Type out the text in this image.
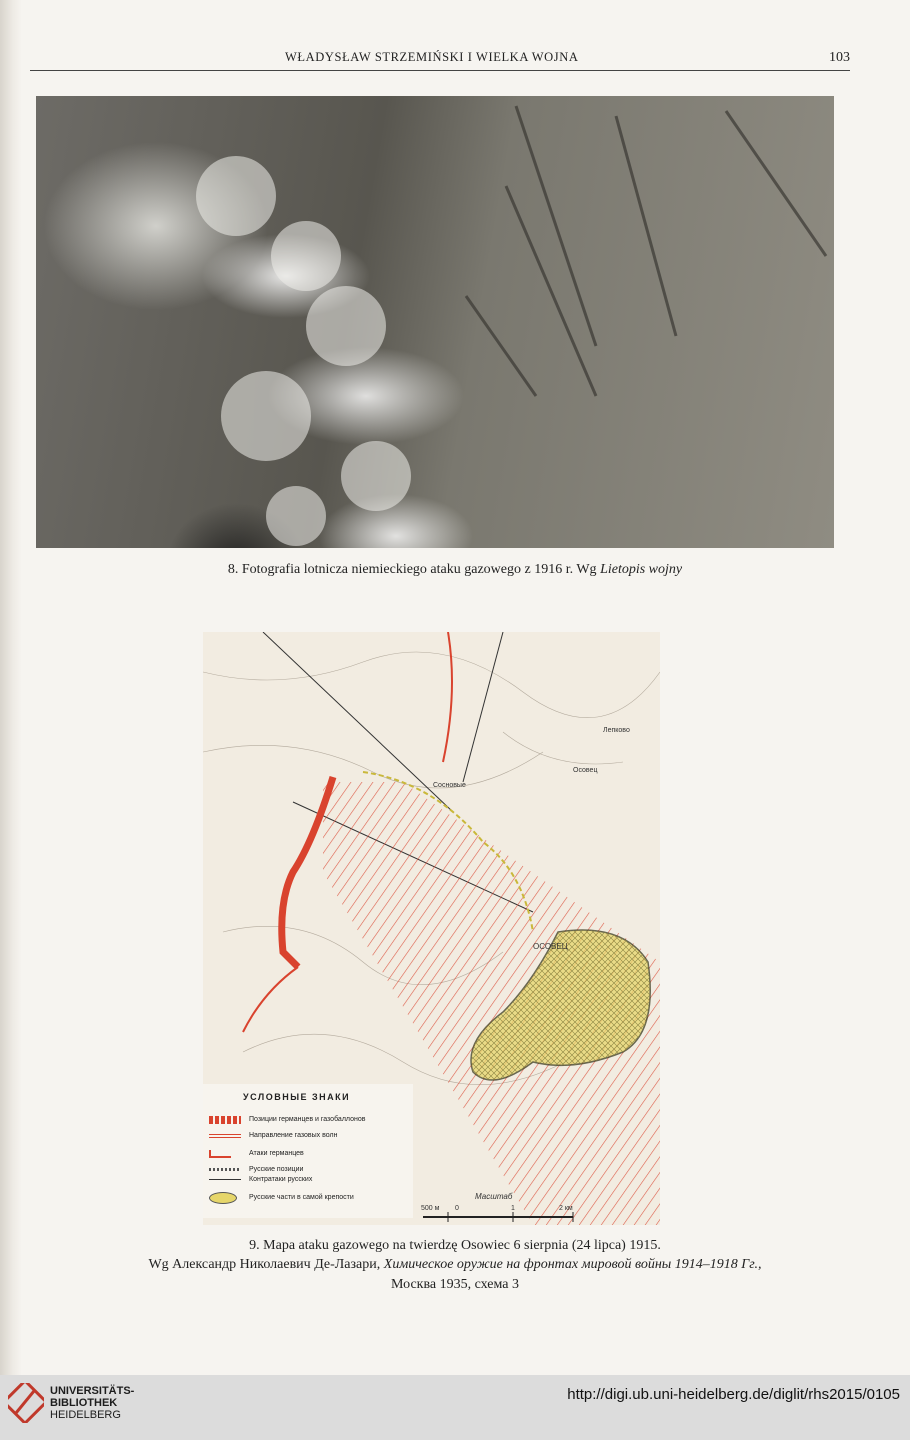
WŁADYSŁAW STRZEMIŃSKI I WIELKA WOJNA	103
8. Fotografia lotnicza niemieckiego ataku gazowego z 1916 r. Wg Lietopis wojny
ОСОВЕЦ
Осовец
Лепково
Сосновые
Масштаб
500 м 0	1	2 км
УСЛОВНЫЕ ЗНАКИ
Позиции германцев и газобаллонов
Направление газовых волн
Атаки германцев
Русские позиции
Контратаки русских
Русские части в самой крепости
9. Mapa ataku gazowego na twierdzę Osowiec 6 sierpnia (24 lipca) 1915.
Wg Александр Николаевич Де-Лазари, Химическое оружие на фронтах мировой войны 1914–1918 Гг.,
Москва 1935, схема 3
UNIVERSITÄTS-
BIBLIOTHEK
HEIDELBERG
http://digi.ub.uni-heidelberg.de/diglit/rhs2015/0105
